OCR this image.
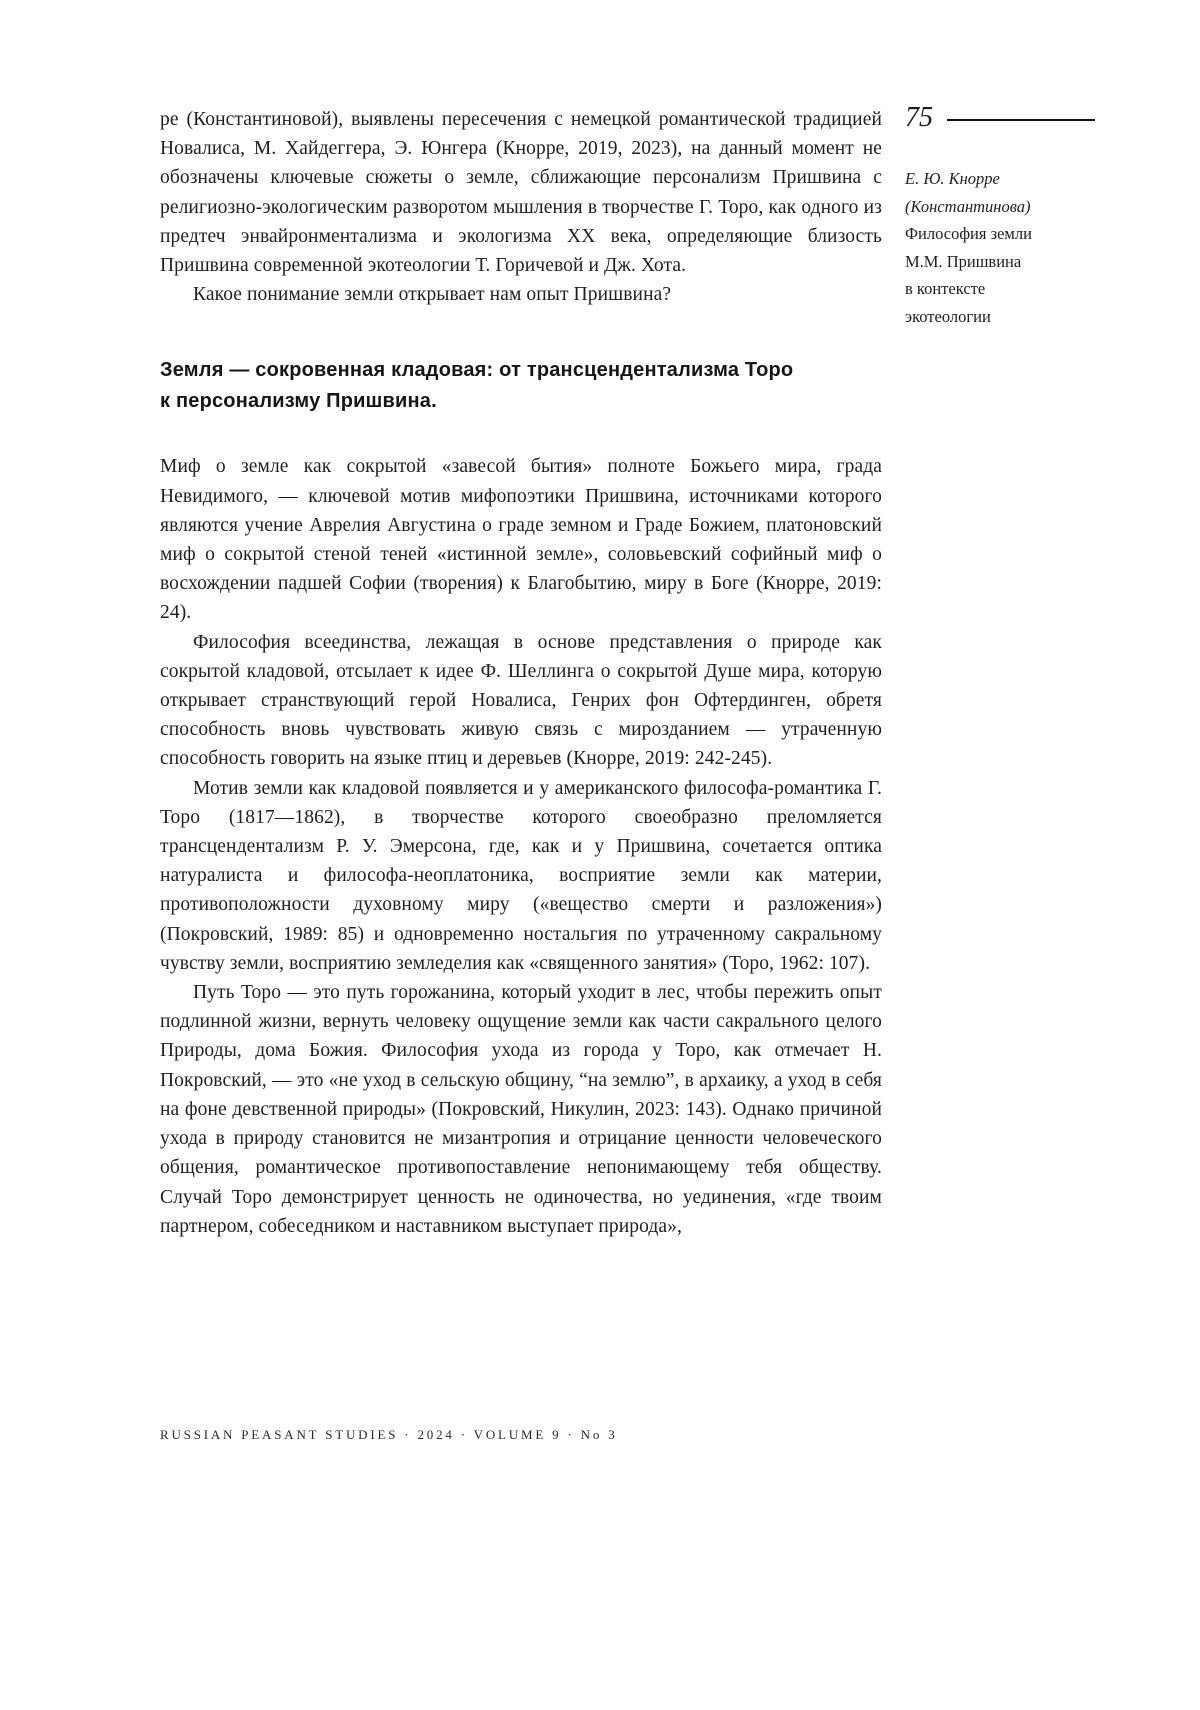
ре (Константиновой), выявлены пересечения с немецкой романтической традицией Новалиса, М. Хайдеггера, Э. Юнгера (Кнорре, 2019, 2023), на данный момент не обозначены ключевые сюжеты о земле, сближающие персонализм Пришвина с религиозно-экологическим разворотом мышления в творчестве Г. Торо, как одного из предтеч энвайронментализма и экологизма XX века, определяющие близость Пришвина современной экотеологии Т. Горичевой и Дж. Хота.

Какое понимание земли открывает нам опыт Пришвина?

Земля — сокровенная кладовая: от трансцендентализма Торо
к персонализму Пришвина.

Миф о земле как сокрытой «завесой бытия» полноте Божьего мира, града Невидимого, — ключевой мотив мифопоэтики Пришвина, источниками которого являются учение Аврелия Августина о граде земном и Граде Божием, платоновский миф о сокрытой стеной теней «истинной земле», соловьевский софийный миф о восхождении падшей Софии (творения) к Благобытию, миру в Боге (Кнорре, 2019: 24).

Философия всеединства, лежащая в основе представления о природе как сокрытой кладовой, отсылает к идее Ф. Шеллинга о сокрытой Душе мира, которую открывает странствующий герой Новалиса, Генрих фон Офтердинген, обретя способность вновь чувствовать живую связь с мирозданием — утраченную способность говорить на языке птиц и деревьев (Кнорре, 2019: 242-245).

Мотив земли как кладовой появляется и у американского философа-романтика Г. Торо (1817—1862), в творчестве которого своеобразно преломляется трансцендентализм Р. У. Эмерсона, где, как и у Пришвина, сочетается оптика натуралиста и философа-неоплатоника, восприятие земли как материи, противоположности духовному миру («вещество смерти и разложения») (Покровский, 1989: 85) и одновременно ностальгия по утраченному сакральному чувству земли, восприятию земледелия как «священного занятия» (Торо, 1962: 107).

Путь Торо — это путь горожанина, который уходит в лес, чтобы пережить опыт подлинной жизни, вернуть человеку ощущение земли как части сакрального целого Природы, дома Божия. Философия ухода из города у Торо, как отмечает Н. Покровский, — это «не уход в сельскую общину, “на землю”, в архаику, а уход в себя на фоне девственной природы» (Покровский, Никулин, 2023: 143). Однако причиной ухода в природу становится не мизантропия и отрицание ценности человеческого общения, романтическое противопоставление непонимающему тебя обществу. Случай Торо демонстрирует ценность не одиночества, но уединения, «где твоим партнером, собеседником и наставником выступает природа»,

75
Е. Ю. Кнорре
(Константинова)
Философия земли
М.М. Пришвина
в контексте
экотеологии
RUSSIAN PEASANT STUDIES · 2024 · VOLUME 9 · No 3
